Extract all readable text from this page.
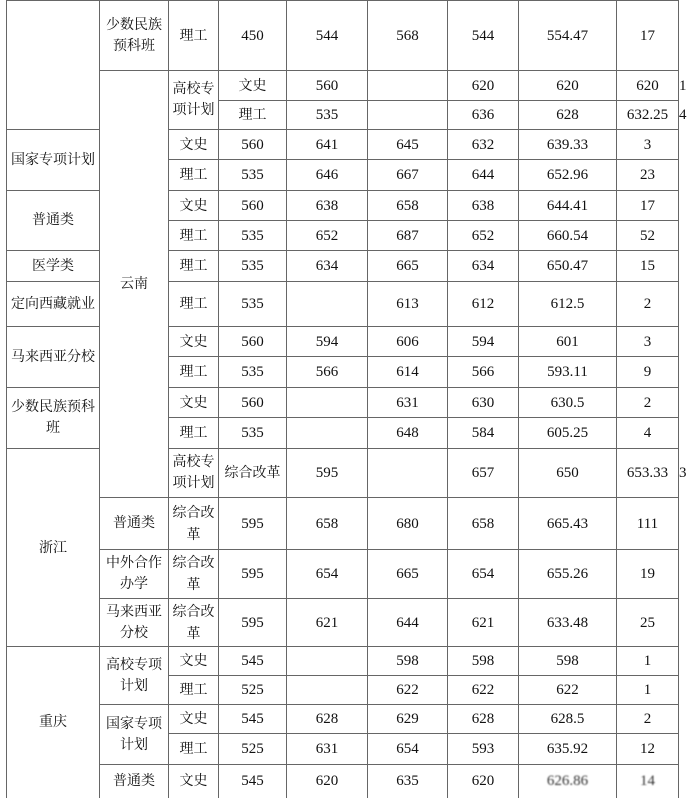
	少数民族预科班	理工	450	544	568	544	554.47	17	
	云南	高校专项计划	文史	560		620	620	620	1
			理工	535		636	628	632.25	4
国家专项计划		文史	560	641	645	632	639.33	3	
		理工	535	646	667	644	652.96	23	
普通类		文史	560	638	658	638	644.41	17	
		理工	535	652	687	652	660.54	52	
医学类		理工	535	634	665	634	650.47	15	
定向西藏就业		理工	535		613	612	612.5	2	
马来西亚分校		文史	560	594	606	594	601	3	
		理工	535	566	614	566	593.11	9	
少数民族预科班		文史	560		631	630	630.5	2	
		理工	535		648	584	605.25	4	
浙江		高校专项计划	综合改革	595		657	650	653.33	3
	普通类	综合改革	595	658	680	658	665.43	111	
	中外合作办学	综合改革	595	654	665	654	655.26	19	
	马来西亚分校	综合改革	595	621	644	621	633.48	25	
重庆	高校专项计划	文史	545		598	598	598	1	
		理工	525		622	622	622	1	
	国家专项计划	文史	545	628	629	628	628.5	2	
		理工	525	631	654	593	635.92	12	
	普通类	文史	545	620	635	620	626.86	14	
